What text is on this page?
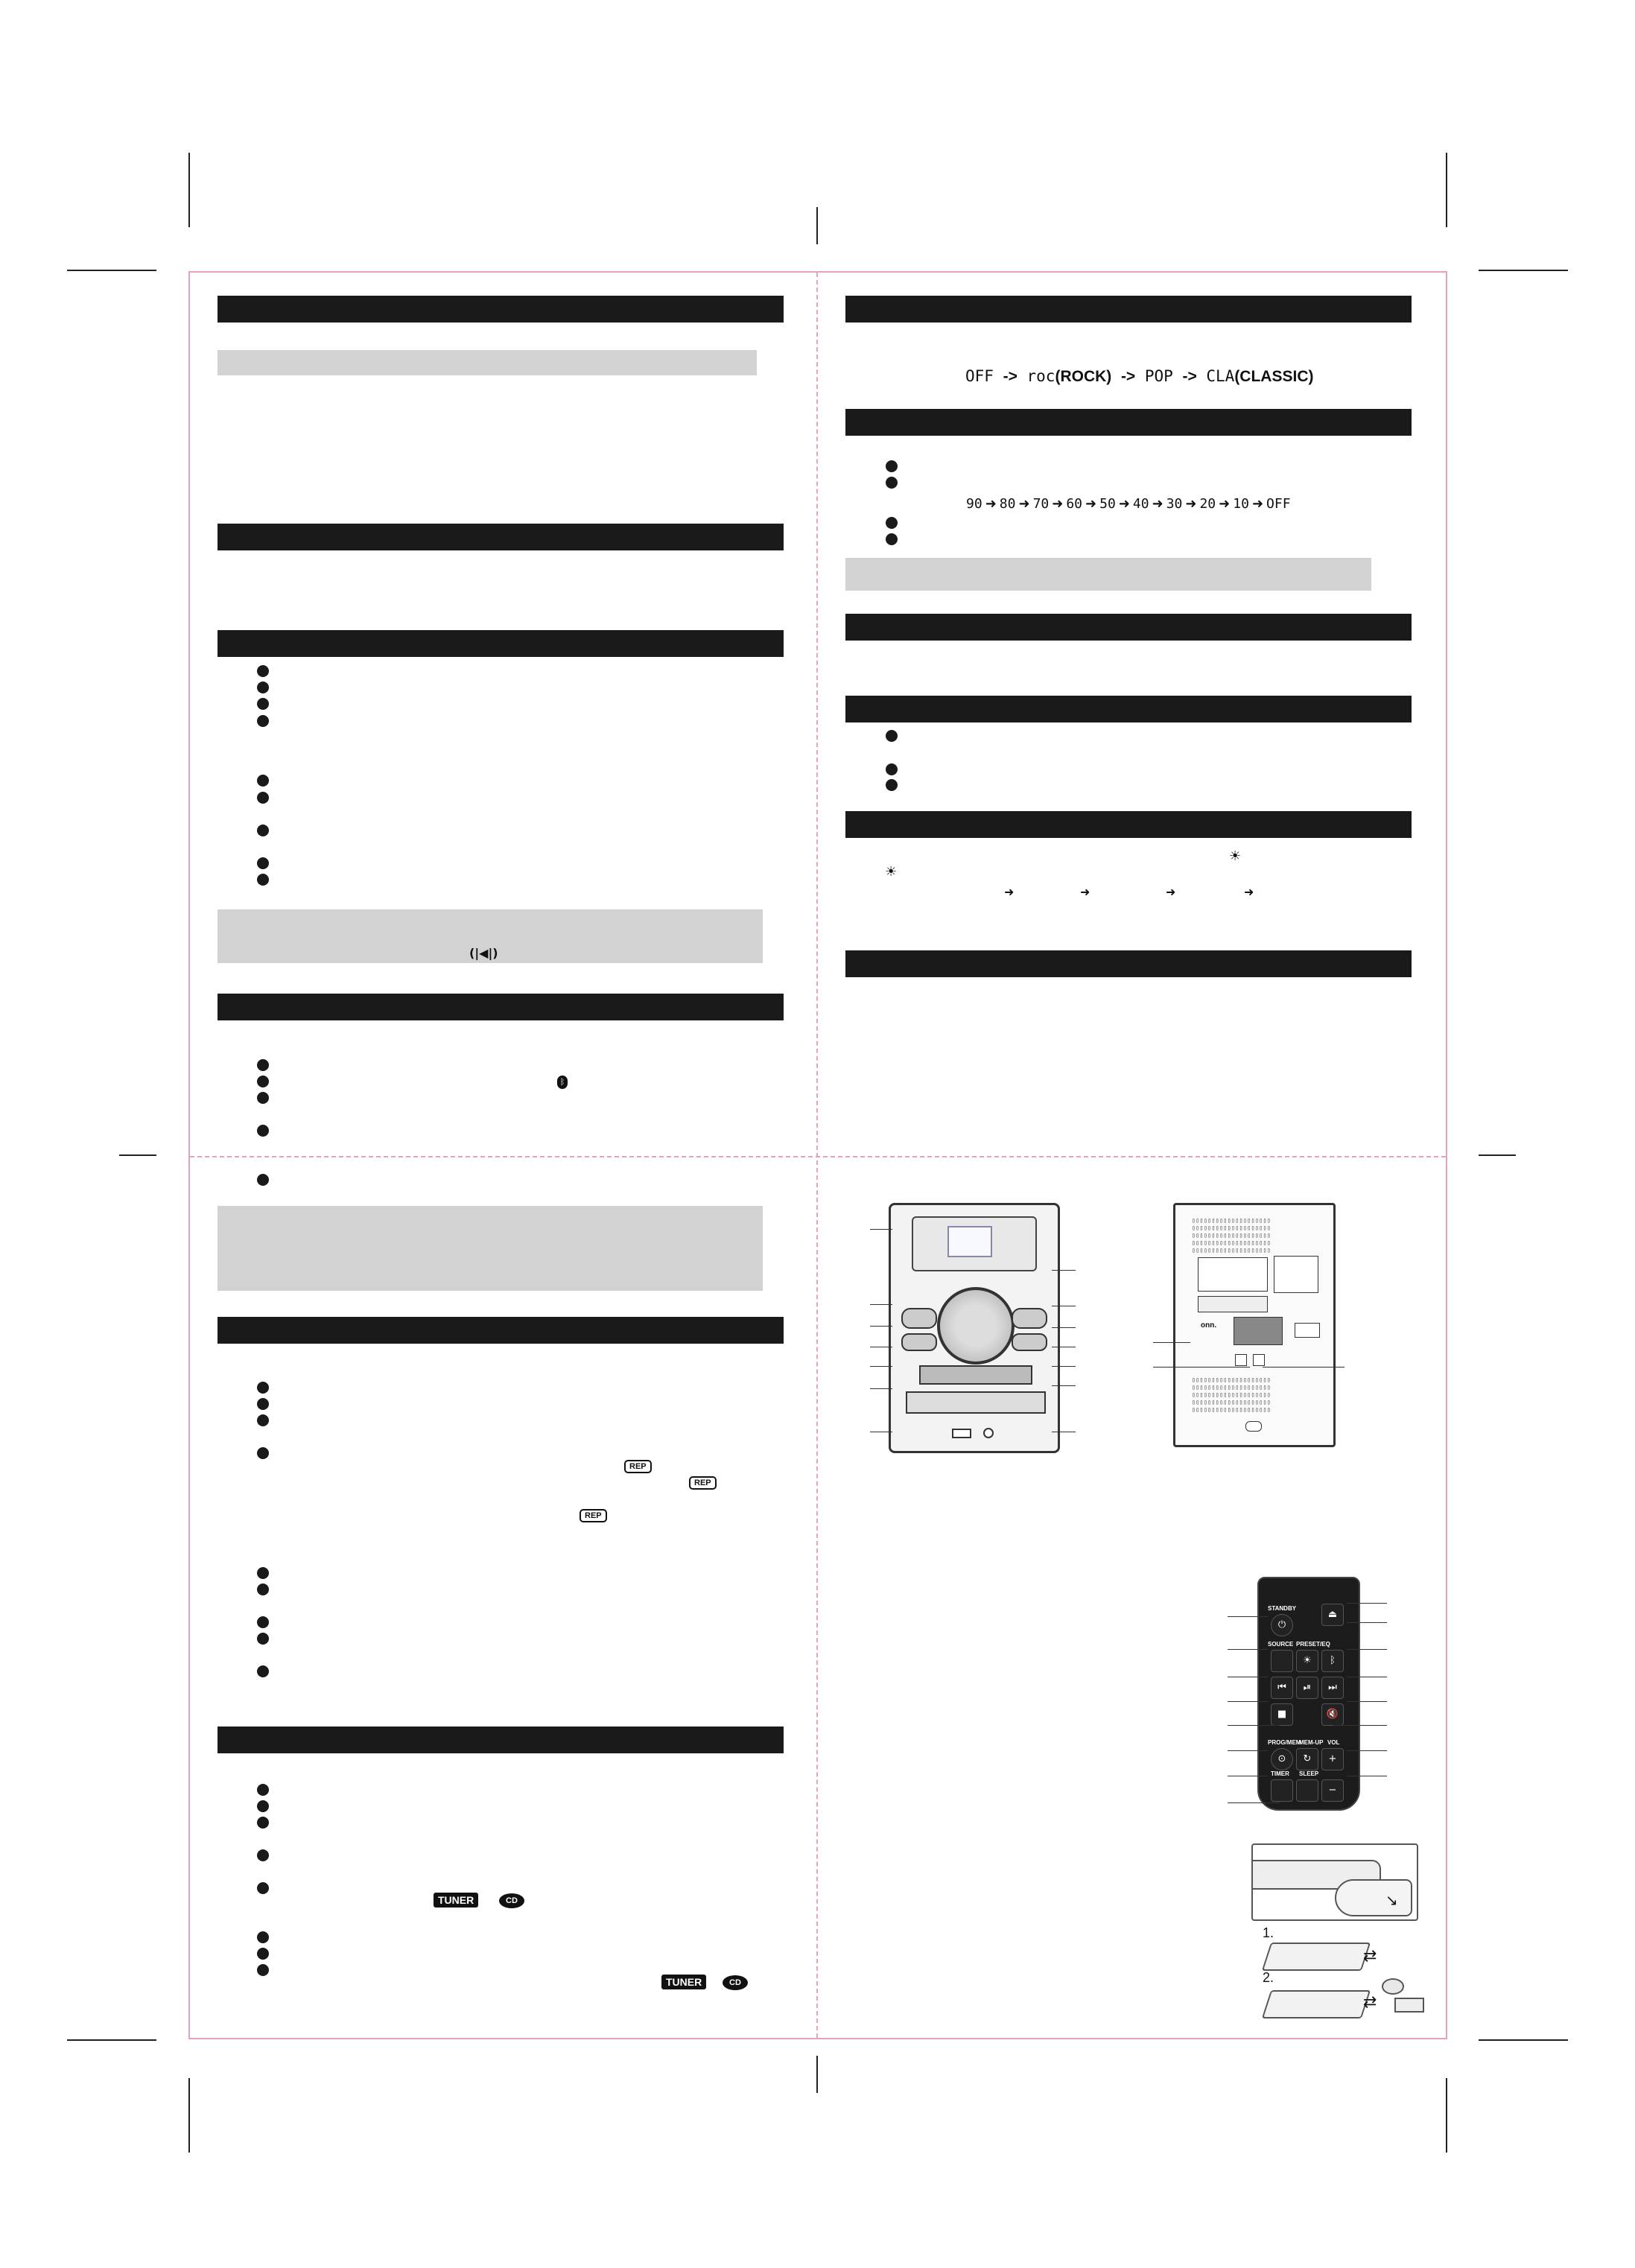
(|◀|)
ᛒ
REP
REP
REP
TUNER	CD
TUNER	CD
OFF -> roc(ROCK) -> POP -> CLA(CLASSIC)
90 ➜ 80 ➜ 70 ➜ 60 ➜ 50 ➜ 40 ➜ 30 ➜ 20 ➜ 10 ➜ OFF
☀
☀
➜	➜	➜	➜
▯▯▯▯▯▯▯▯▯▯▯▯▯▯▯▯▯▯▯▯
▯▯▯▯▯▯▯▯▯▯▯▯▯▯▯▯▯▯▯▯
▯▯▯▯▯▯▯▯▯▯▯▯▯▯▯▯▯▯▯▯
▯▯▯▯▯▯▯▯▯▯▯▯▯▯▯▯▯▯▯▯
▯▯▯▯▯▯▯▯▯▯▯▯▯▯▯▯▯▯▯▯
onn.
▯▯▯▯▯▯▯▯▯▯▯▯▯▯▯▯▯▯▯▯
▯▯▯▯▯▯▯▯▯▯▯▯▯▯▯▯▯▯▯▯
▯▯▯▯▯▯▯▯▯▯▯▯▯▯▯▯▯▯▯▯
▯▯▯▯▯▯▯▯▯▯▯▯▯▯▯▯▯▯▯▯
▯▯▯▯▯▯▯▯▯▯▯▯▯▯▯▯▯▯▯▯
STANDBY
⏻
⏏
SOURCE PRESET/EQ
☀	ᛒ
⏮	⏯	⏭
■	🔇
PROG/MEM
MEM-UP VOL
⊙	↻	+
TIMER SLEEP
−
↘
1.
⇄
2.
⇄
